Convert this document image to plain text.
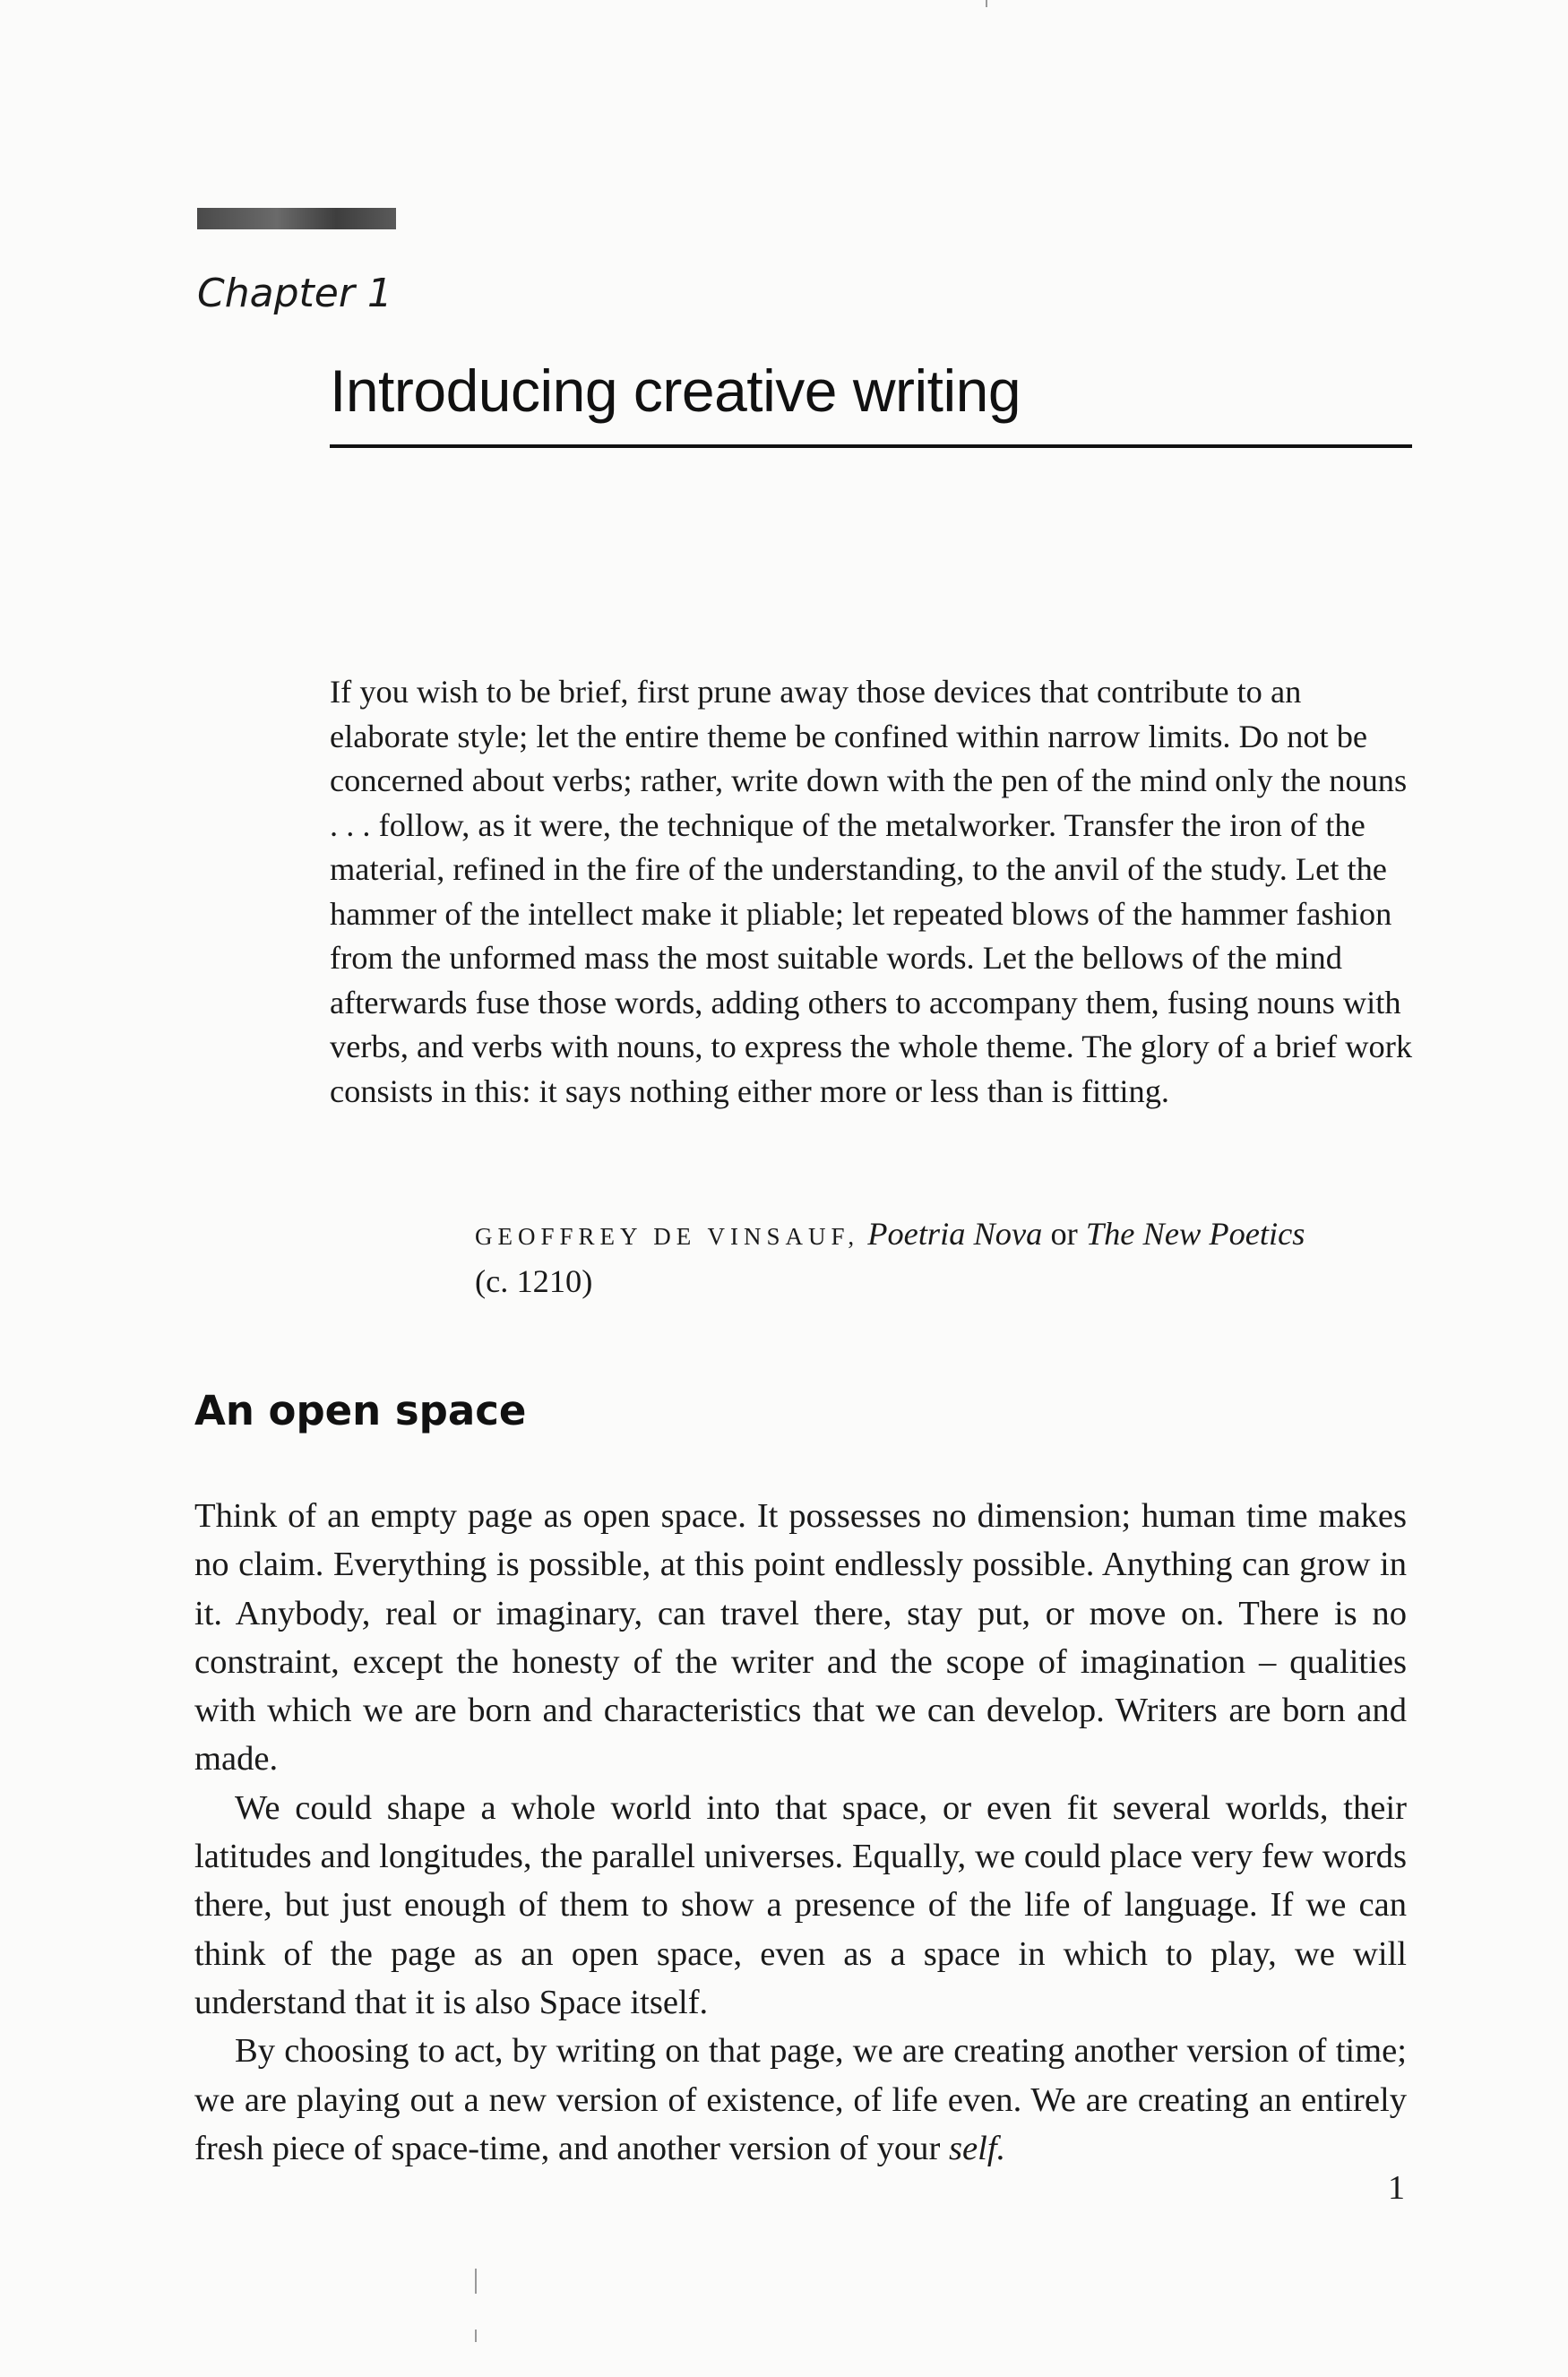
Chapter 1
Introducing creative writing

If you wish to be brief, first prune away those devices that contribute to an elaborate style; let the entire theme be confined within narrow limits. Do not be concerned about verbs; rather, write down with the pen of the mind only the nouns . . . follow, as it were, the technique of the metalworker. Transfer the iron of the material, refined in the fire of the understanding, to the anvil of the study. Let the hammer of the intellect make it pliable; let repeated blows of the hammer fashion from the unformed mass the most suitable words. Let the bellows of the mind afterwards fuse those words, adding others to accompany them, fusing nouns with verbs, and verbs with nouns, to express the whole theme. The glory of a brief work consists in this: it says nothing either more or less than is fitting.

GEOFFREY DE VINSAUF, Poetria Nova or The New Poetics
(c. 1210)
An open space

Think of an empty page as open space. It possesses no dimension; human time makes no claim. Everything is possible, at this point endlessly possible. Anything can grow in it. Anybody, real or imaginary, can travel there, stay put, or move on. There is no constraint, except the honesty of the writer and the scope of imagination – qualities with which we are born and characteristics that we can develop. Writers are born and made.

We could shape a whole world into that space, or even fit several worlds, their latitudes and longitudes, the parallel universes. Equally, we could place very few words there, but just enough of them to show a presence of the life of language. If we can think of the page as an open space, even as a space in which to play, we will understand that it is also Space itself.

By choosing to act, by writing on that page, we are creating another version of time; we are playing out a new version of existence, of life even. We are creating an entirely fresh piece of space-time, and another version of your self.

1
